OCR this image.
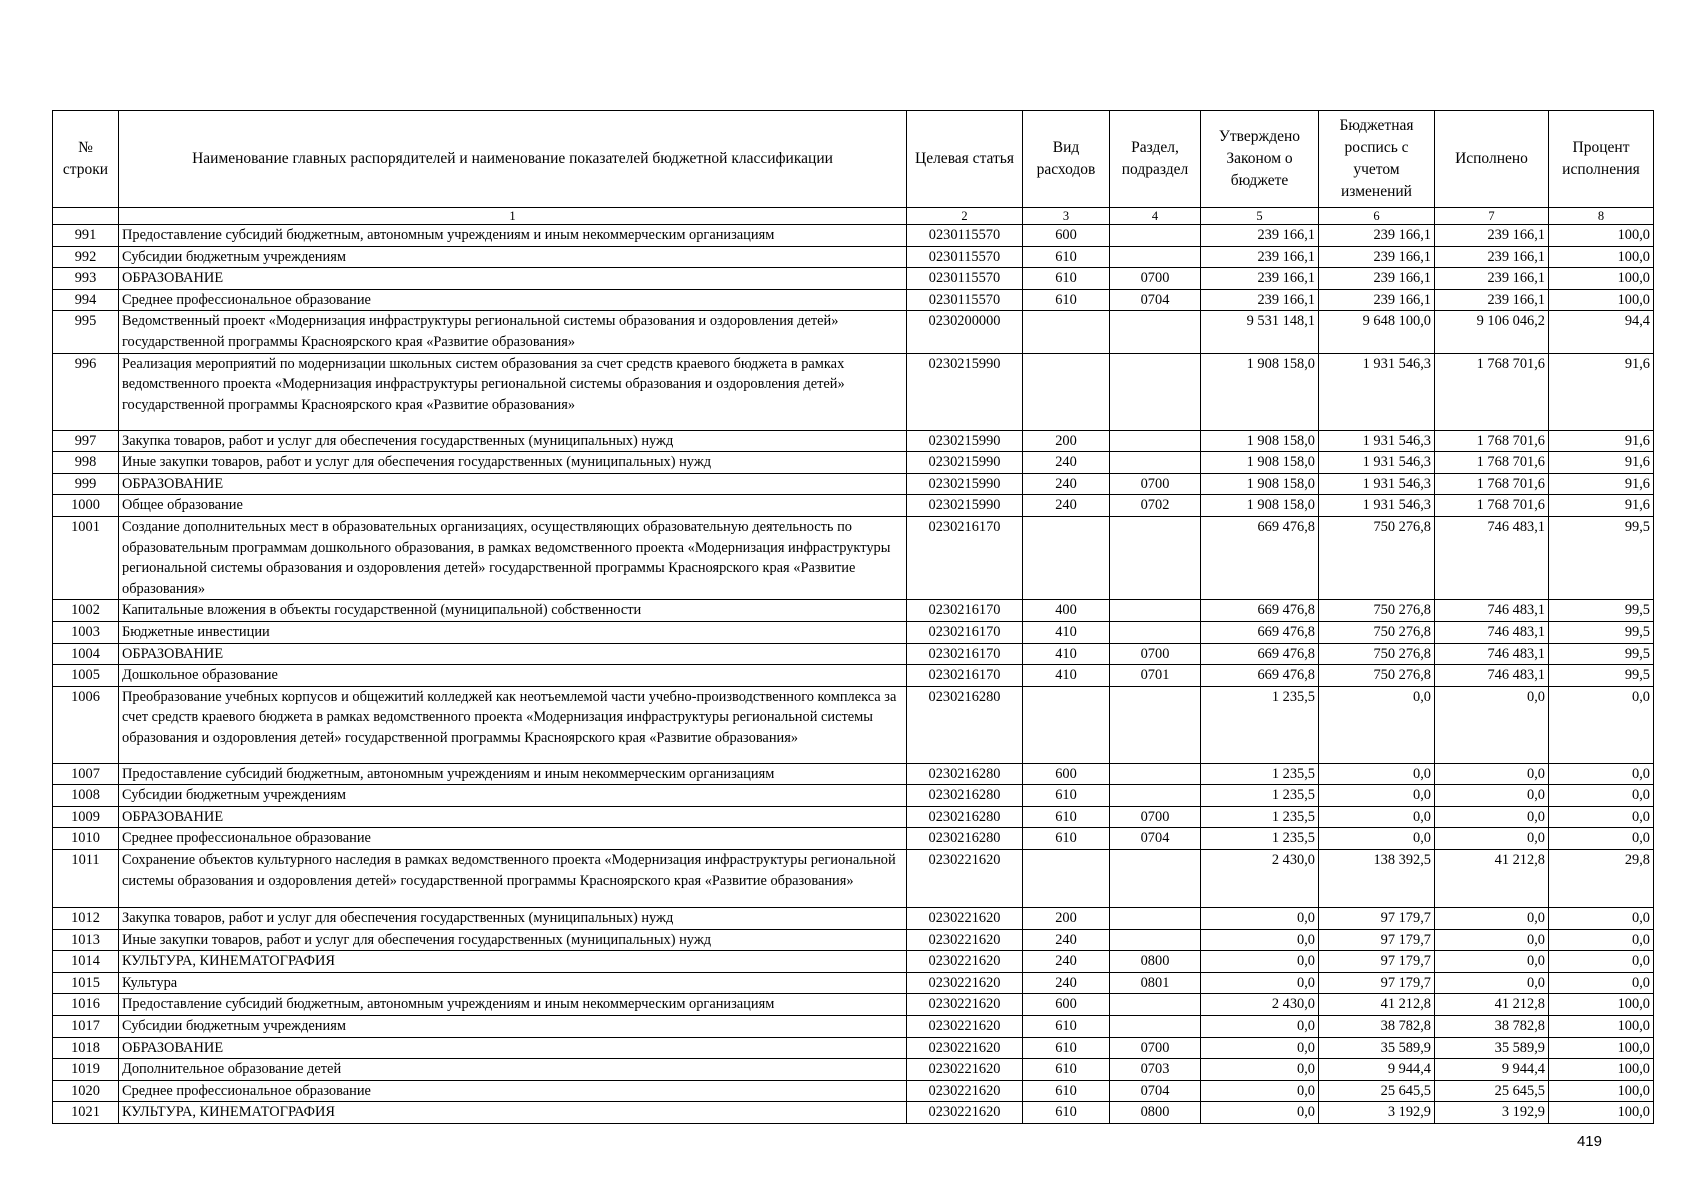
№ строки	Наименование главных распорядителей и наименование показателей бюджетной классификации	Целевая статья	Вид расходов	Раздел, подраздел	Утверждено Законом о бюджете	Бюджетная роспись с учетом изменений	Исполнено	Процент исполнения
	1	2	3	4	5	6	7	8
991	Предоставление субсидий бюджетным, автономным учреждениям и иным некоммерческим организациям	0230115570	600		239 166,1	239 166,1	239 166,1	100,0
992	Субсидии бюджетным учреждениям	0230115570	610		239 166,1	239 166,1	239 166,1	100,0
993	ОБРАЗОВАНИЕ	0230115570	610	0700	239 166,1	239 166,1	239 166,1	100,0
994	Среднее профессиональное образование	0230115570	610	0704	239 166,1	239 166,1	239 166,1	100,0
995	Ведомственный проект «Модернизация инфраструктуры региональной системы образования и оздоровления детей» государственной программы Красноярского края «Развитие образования»	0230200000			9 531 148,1	9 648 100,0	9 106 046,2	94,4
996	Реализация мероприятий по модернизации школьных систем образования за счет средств краевого бюджета в рамках ведомственного проекта «Модернизация инфраструктуры региональной системы образования и оздоровления детей» государственной программы Красноярского края «Развитие образования»	0230215990			1 908 158,0	1 931 546,3	1 768 701,6	91,6
997	Закупка товаров, работ и услуг для обеспечения государственных (муниципальных) нужд	0230215990	200		1 908 158,0	1 931 546,3	1 768 701,6	91,6
998	Иные закупки товаров, работ и услуг для обеспечения государственных (муниципальных) нужд	0230215990	240		1 908 158,0	1 931 546,3	1 768 701,6	91,6
999	ОБРАЗОВАНИЕ	0230215990	240	0700	1 908 158,0	1 931 546,3	1 768 701,6	91,6
1000	Общее образование	0230215990	240	0702	1 908 158,0	1 931 546,3	1 768 701,6	91,6
1001	Создание дополнительных мест в образовательных организациях, осуществляющих образовательную деятельность по образовательным программам дошкольного образования, в рамках ведомственного проекта «Модернизация инфраструктуры региональной системы образования и оздоровления детей» государственной программы Красноярского края «Развитие образования»	0230216170			669 476,8	750 276,8	746 483,1	99,5
1002	Капитальные вложения в объекты государственной (муниципальной) собственности	0230216170	400		669 476,8	750 276,8	746 483,1	99,5
1003	Бюджетные инвестиции	0230216170	410		669 476,8	750 276,8	746 483,1	99,5
1004	ОБРАЗОВАНИЕ	0230216170	410	0700	669 476,8	750 276,8	746 483,1	99,5
1005	Дошкольное образование	0230216170	410	0701	669 476,8	750 276,8	746 483,1	99,5
1006	Преобразование учебных корпусов и общежитий колледжей как неотъемлемой части учебно-производственного комплекса за счет средств краевого бюджета в рамках ведомственного проекта «Модернизация инфраструктуры региональной системы образования и оздоровления детей» государственной программы Красноярского края «Развитие образования»	0230216280			1 235,5	0,0	0,0	0,0
1007	Предоставление субсидий бюджетным, автономным учреждениям и иным некоммерческим организациям	0230216280	600		1 235,5	0,0	0,0	0,0
1008	Субсидии бюджетным учреждениям	0230216280	610		1 235,5	0,0	0,0	0,0
1009	ОБРАЗОВАНИЕ	0230216280	610	0700	1 235,5	0,0	0,0	0,0
1010	Среднее профессиональное образование	0230216280	610	0704	1 235,5	0,0	0,0	0,0
1011	Сохранение объектов культурного наследия в рамках ведомственного проекта «Модернизация инфраструктуры региональной системы образования и оздоровления детей» государственной программы Красноярского края «Развитие образования»	0230221620			2 430,0	138 392,5	41 212,8	29,8
1012	Закупка товаров, работ и услуг для обеспечения государственных (муниципальных) нужд	0230221620	200		0,0	97 179,7	0,0	0,0
1013	Иные закупки товаров, работ и услуг для обеспечения государственных (муниципальных) нужд	0230221620	240		0,0	97 179,7	0,0	0,0
1014	КУЛЬТУРА, КИНЕМАТОГРАФИЯ	0230221620	240	0800	0,0	97 179,7	0,0	0,0
1015	Культура	0230221620	240	0801	0,0	97 179,7	0,0	0,0
1016	Предоставление субсидий бюджетным, автономным учреждениям и иным некоммерческим организациям	0230221620	600		2 430,0	41 212,8	41 212,8	100,0
1017	Субсидии бюджетным учреждениям	0230221620	610		0,0	38 782,8	38 782,8	100,0
1018	ОБРАЗОВАНИЕ	0230221620	610	0700	0,0	35 589,9	35 589,9	100,0
1019	Дополнительное образование детей	0230221620	610	0703	0,0	9 944,4	9 944,4	100,0
1020	Среднее профессиональное образование	0230221620	610	0704	0,0	25 645,5	25 645,5	100,0
1021	КУЛЬТУРА, КИНЕМАТОГРАФИЯ	0230221620	610	0800	0,0	3 192,9	3 192,9	100,0
419
